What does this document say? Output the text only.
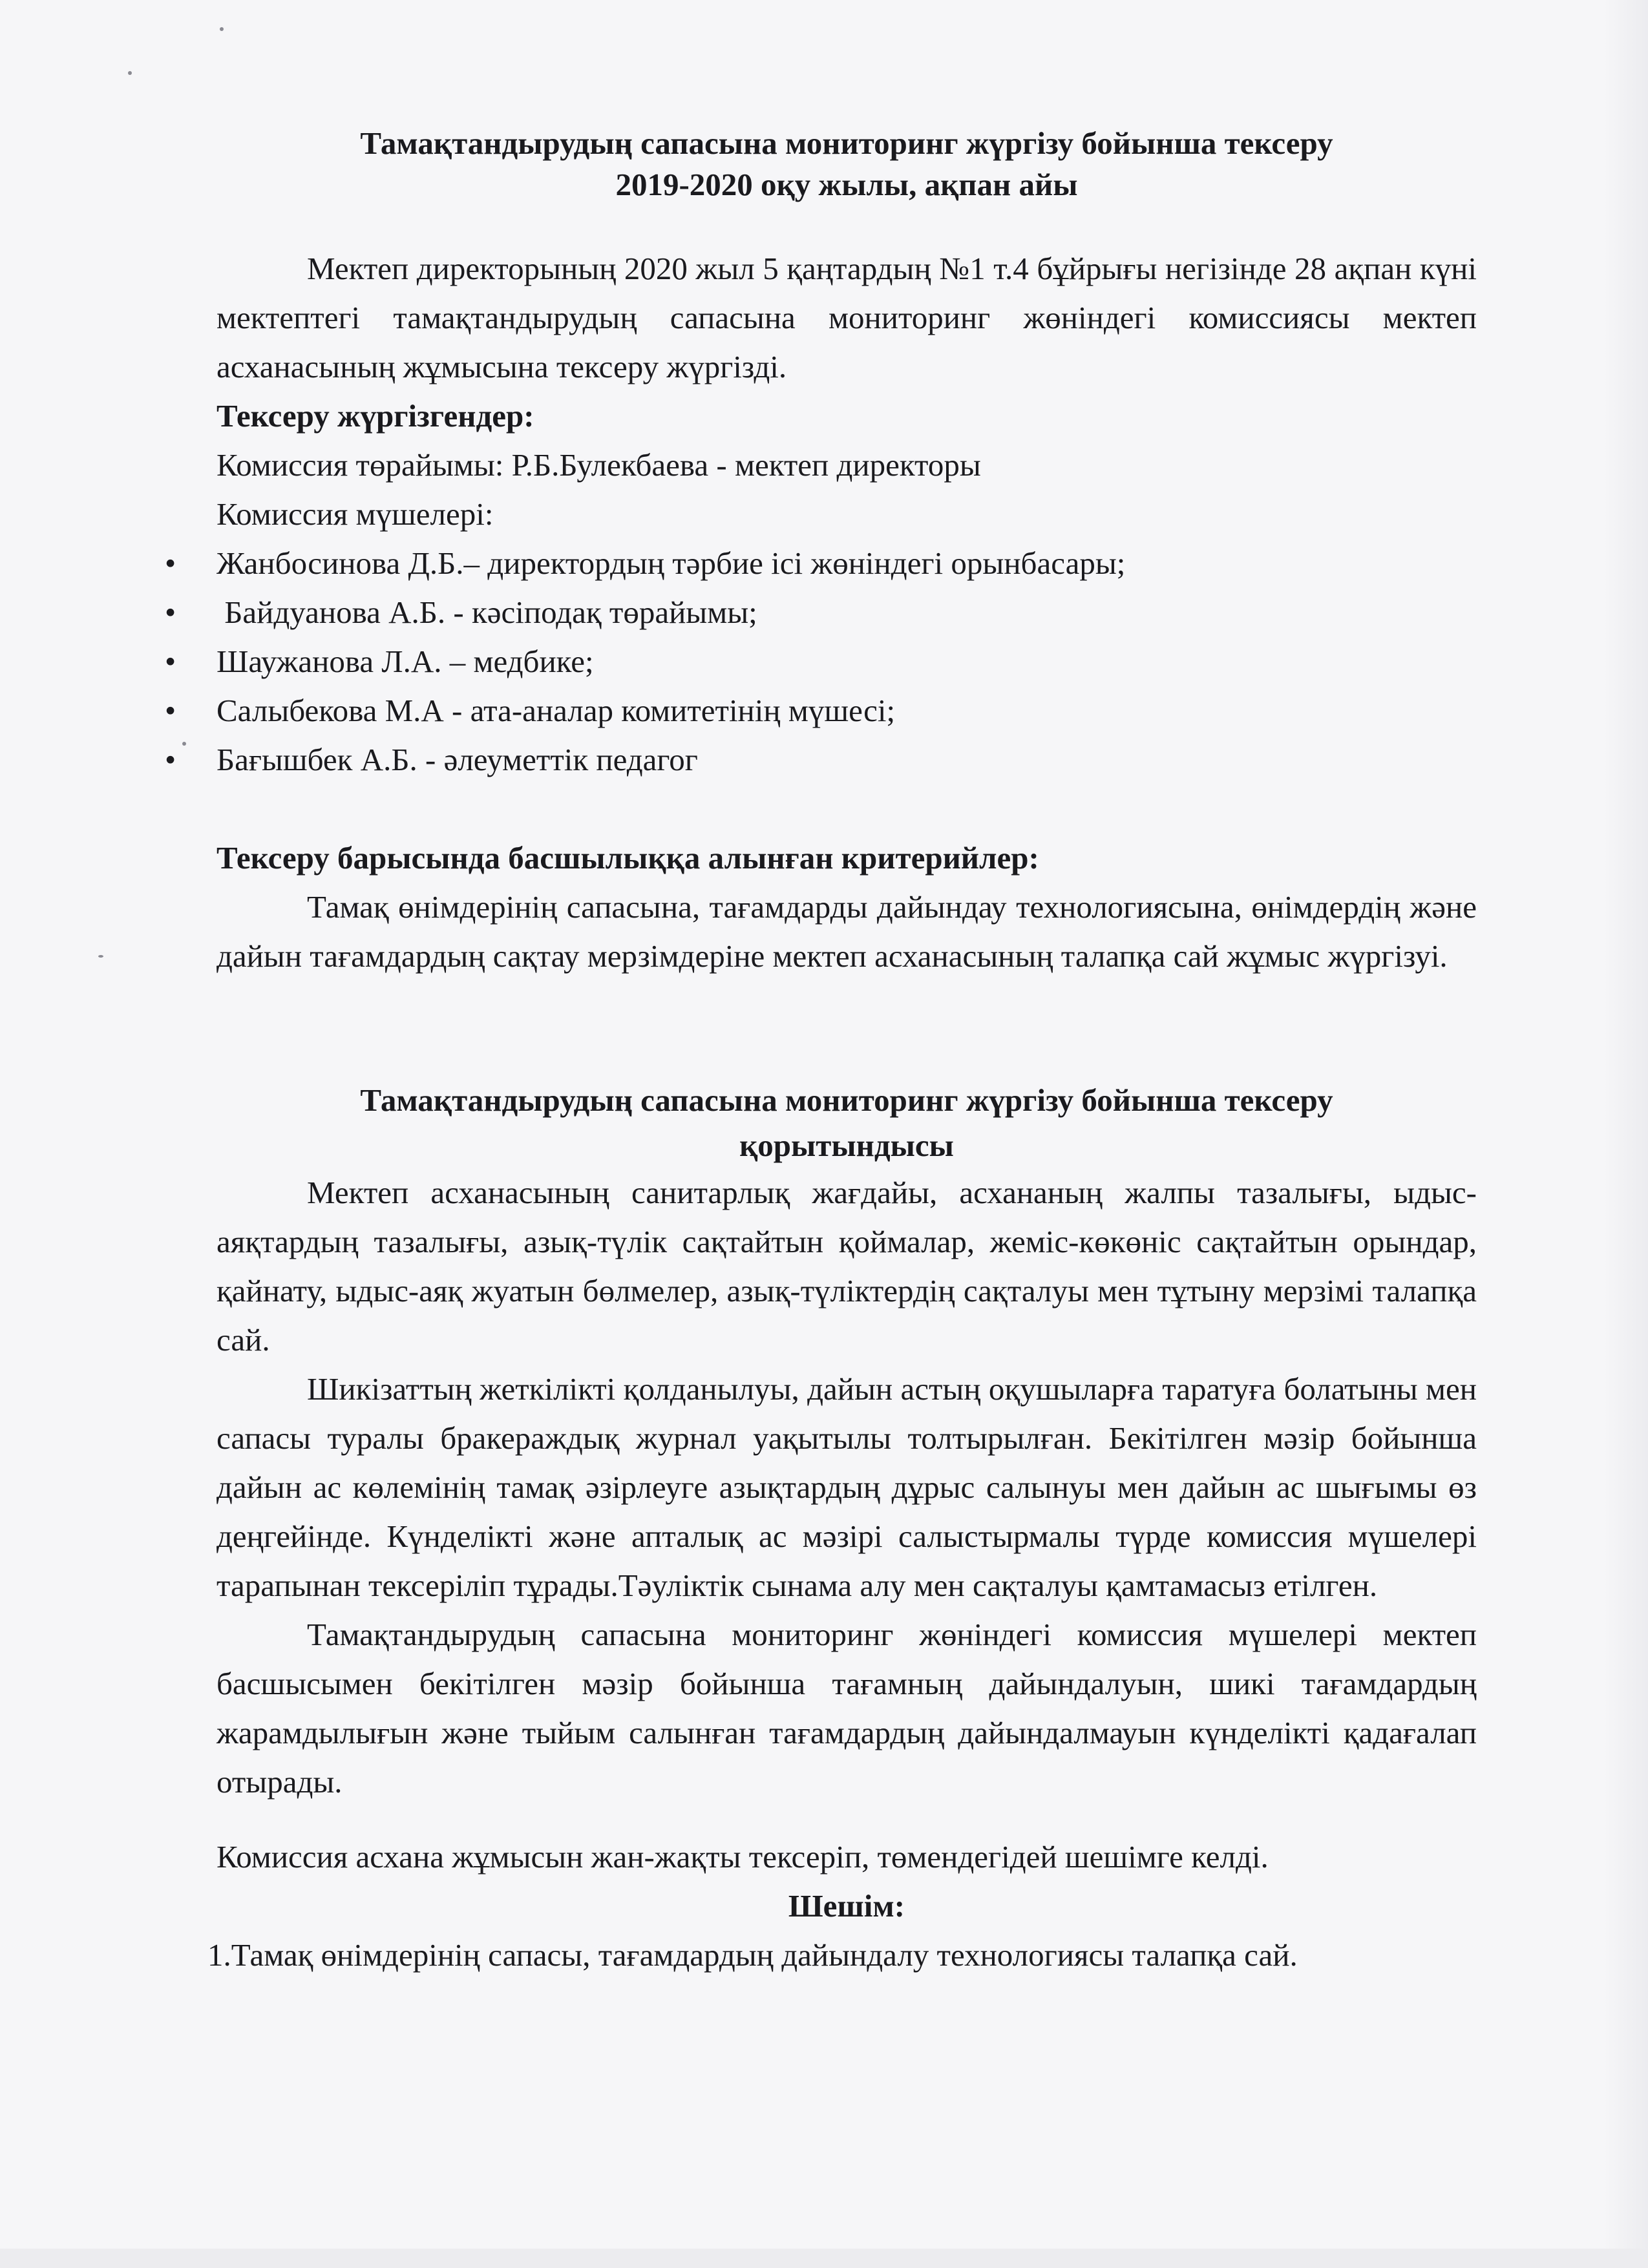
Тамақтандырудың сапасына мониторинг жүргізу бойынша тексеру

2019-2020 оқу жылы, ақпан айы

Мектеп директорының 2020 жыл 5 қаңтардың №1 т.4 бұйрығы негізінде 28 ақпан күні мектептегі тамақтандырудың сапасына мониторинг жөніндегі комиссиясы мектеп асханасының жұмысына тексеру жүргізді.

Тексеру жүргізгендер:

Комиссия төрайымы: Р.Б.Булекбаева - мектеп директоры

Комиссия мүшелері:

• Жанбосинова Д.Б.– директордың тәрбие ісі жөніндегі орынбасары;
• Байдуанова А.Б. - кәсіподақ төрайымы;
• Шаужанова Л.А. – медбике;
• Салыбекова М.А - ата-аналар комитетінің мүшесі;
• Бағышбек А.Б. - әлеуметтік педагог

Тексеру барысында басшылыққа алынған критерийлер:

Тамақ өнімдерінің сапасына, тағамдарды дайындау технологиясына, өнімдердің және дайын тағамдардың сақтау мерзімдеріне мектеп асханасының талапқа сай жұмыс жүргізуі.

Тамақтандырудың сапасына мониторинг жүргізу бойынша тексеру

қорытындысы

Мектеп асханасының санитарлық жағдайы, асхананың жалпы тазалығы, ыдыс-аяқтардың тазалығы, азық-түлік сақтайтын қоймалар, жеміс-көкөніс сақтайтын орындар, қайнату, ыдыс-аяқ жуатын бөлмелер, азық-түліктердің сақталуы мен тұтыну мерзімі талапқа сай.

Шикізаттың жеткілікті қолданылуы, дайын астың оқушыларға таратуға болатыны мен сапасы туралы бракераждық журнал уақытылы толтырылған. Бекітілген мәзір бойынша дайын ас көлемінің тамақ әзірлеуге азықтардың дұрыс салынуы мен дайын ас шығымы өз деңгейінде. Күнделікті және апталық ас мәзірі салыстырмалы түрде комиссия мүшелері тарапынан тексеріліп тұрады.Тәуліктік сынама алу мен сақталуы қамтамасыз етілген.

Тамақтандырудың сапасына мониторинг жөніндегі комиссия мүшелері мектеп басшысымен бекітілген мәзір бойынша тағамның дайындалуын, шикі тағамдардың жарамдылығын және тыйым салынған тағамдардың дайындалмауын күнделікті қадағалап отырады.

Комиссия асхана жұмысын жан-жақты тексеріп, төмендегідей шешімге келді.

Шешім:

1.Тамақ өнімдерінің сапасы, тағамдардың дайындалу технологиясы талапқа сай.
